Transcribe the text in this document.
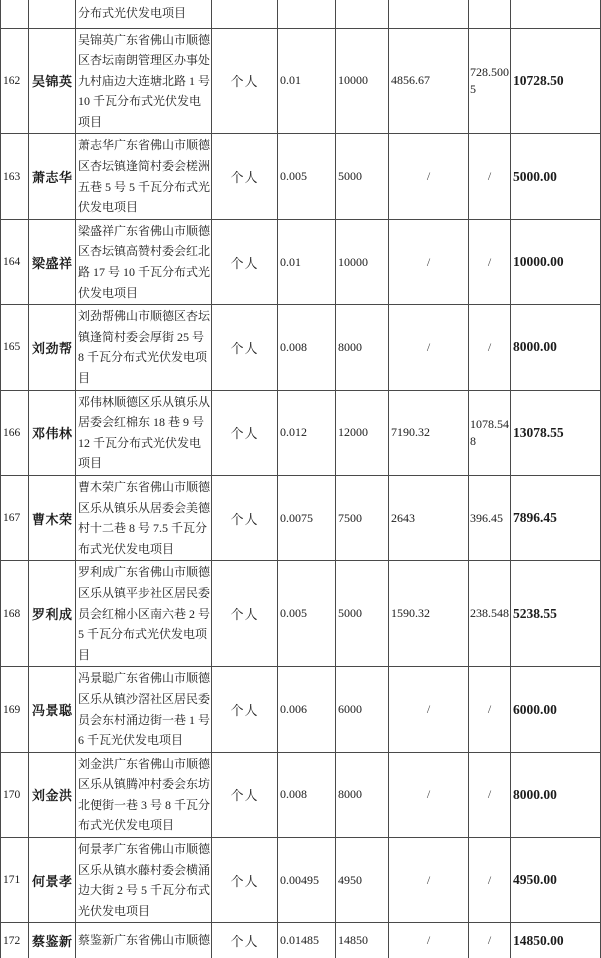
		分布式光伏发电项目						
162	吴锦英	吴锦英广东省佛山市顺德区杏坛南朗管理区办事处九村庙边大连塘北路 1 号 10 千瓦分布式光伏发电项目	个人	0.01	10000	4856.67	728.5005	10728.50
163	萧志华	萧志华广东省佛山市顺德区杏坛镇逢简村委会槎洲五巷 5 号 5 千瓦分布式光伏发电项目	个人	0.005	5000	/	/	5000.00
164	梁盛祥	梁盛祥广东省佛山市顺德区杏坛镇高赞村委会红北路 17 号 10 千瓦分布式光伏发电项目	个人	0.01	10000	/	/	10000.00
165	刘劲帮	刘劲帮佛山市顺德区杏坛镇逢简村委会厚街 25 号 8 千瓦分布式光伏发电项目	个人	0.008	8000	/	/	8000.00
166	邓伟林	邓伟林顺德区乐从镇乐从居委会红棉东 18 巷 9 号 12 千瓦分布式光伏发电项目	个人	0.012	12000	7190.32	1078.548	13078.55
167	曹木荣	曹木荣广东省佛山市顺德区乐从镇乐从居委会美德村十二巷 8 号 7.5 千瓦分布式光伏发电项目	个人	0.0075	7500	2643	396.45	7896.45
168	罗利成	罗利成广东省佛山市顺德区乐从镇平步社区居民委员会红棉小区南六巷 2 号 5 千瓦分布式光伏发电项目	个人	0.005	5000	1590.32	238.548	5238.55
169	冯景聪	冯景聪广东省佛山市顺德区乐从镇沙滘社区居民委员会东村涌边街一巷 1 号 6 千瓦光伏发电项目	个人	0.006	6000	/	/	6000.00
170	刘金洪	刘金洪广东省佛山市顺德区乐从镇腾冲村委会东坊北便街一巷 3 号 8 千瓦分布式光伏发电项目	个人	0.008	8000	/	/	8000.00
171	何景孝	何景孝广东省佛山市顺德区乐从镇水藤村委会横涌边大街 2 号 5 千瓦分布式光伏发电项目	个人	0.00495	4950	/	/	4950.00
172	蔡鉴新	蔡鉴新广东省佛山市顺德	个人	0.01485	14850	/	/	14850.00
